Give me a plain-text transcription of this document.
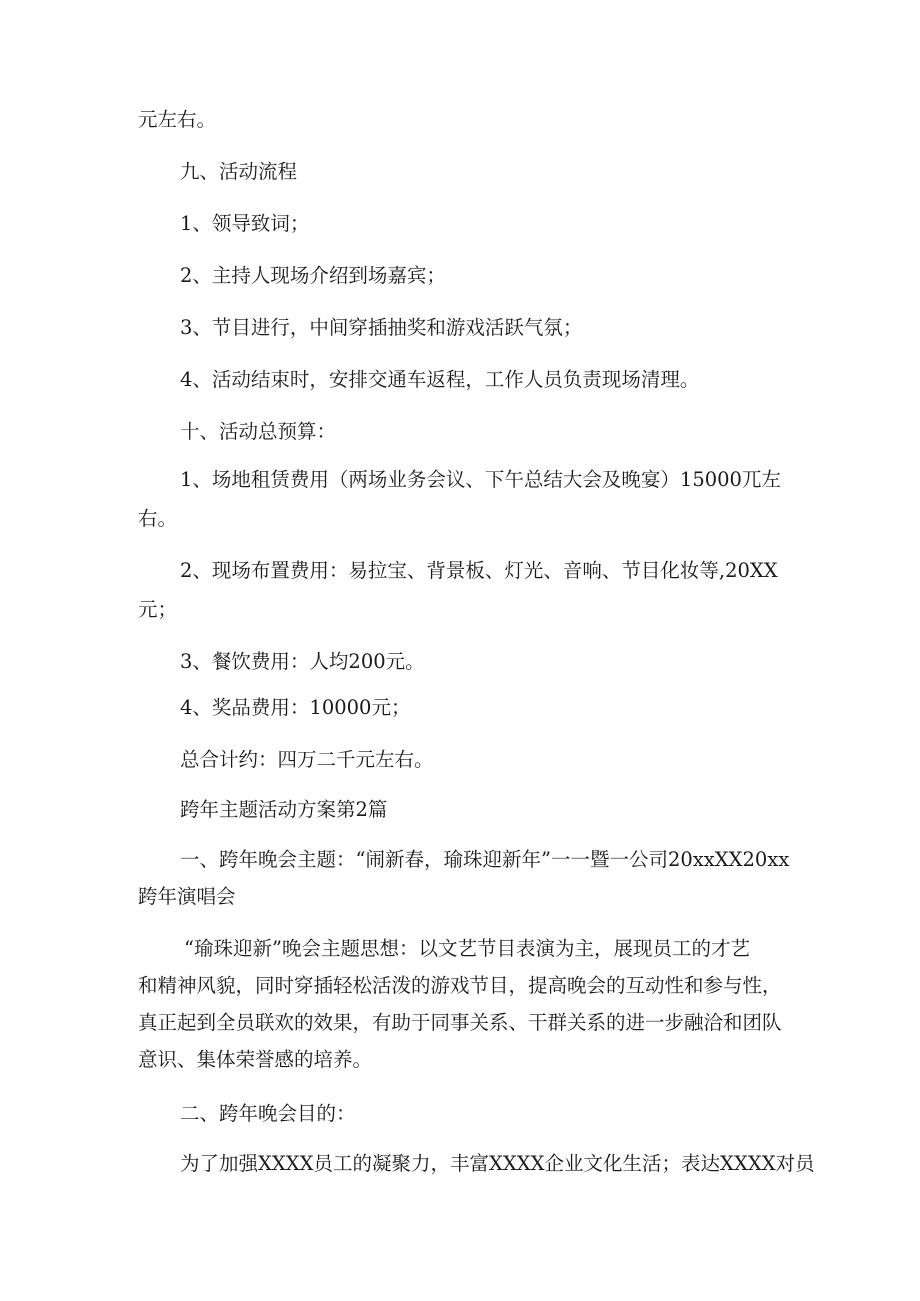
元左右。
九、活动流程
1、领导致词；
2、主持人现场介绍到场嘉宾；
3、节目进行，中间穿插抽奖和游戏活跃气氛；
4、活动结束时，安排交通车返程，工作人员负责现场清理。
十、活动总预算：
1、场地租赁费用（两场业务会议、下午总结大会及晚宴）15000兀左
右。
2、现场布置费用：易拉宝、背景板、灯光、音响、节目化妆等,20XX
元；
3、餐饮费用：人均200元。
4、奖品费用：10000元；
总合计约：四万二千元左右。
跨年主题活动方案第2篇
一、跨年晚会主题：“闹新春，瑜珠迎新年”一一暨一公司20xxXX20xx
跨年演唱会
“瑜珠迎新”晚会主题思想：以文艺节目表演为主，展现员工的才艺
和精神风貌，同时穿插轻松活泼的游戏节目，提高晚会的互动性和参与性，
真正起到全员联欢的效果，有助于同事关系、干群关系的进一步融洽和团队
意识、集体荣誉感的培养。
二、跨年晚会目的：
为了加强XXXX员工的凝聚力，丰富XXXX企业文化生活；表达XXXX对员
